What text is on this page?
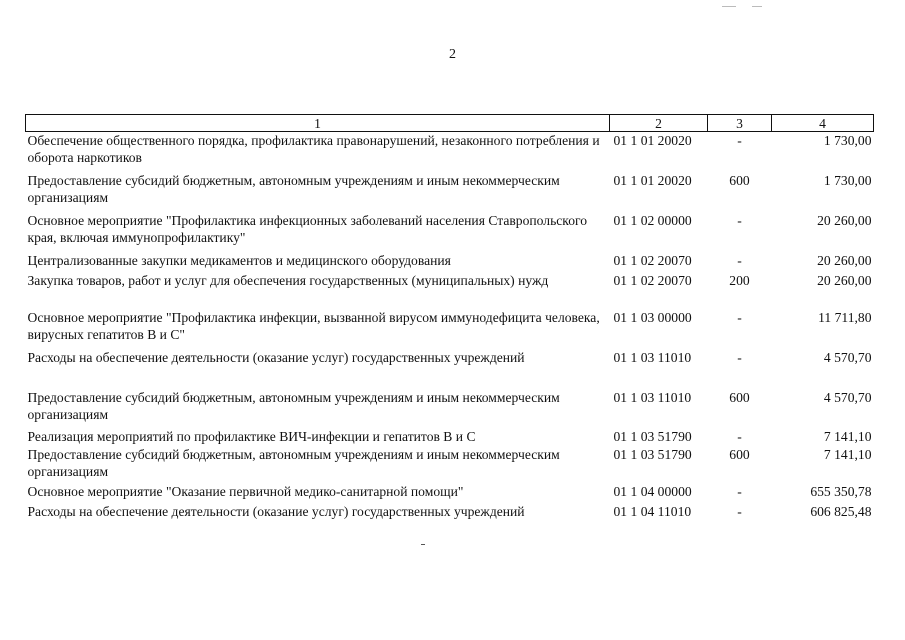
2
1	2	3	4
Обеспечение общественного порядка, профилактика правонарушений, незаконного потребления и оборота наркотиков	01 1 01 20020	-	1 730,00
Предоставление субсидий бюджетным, автономным учреждениям и иным некоммерческим организациям	01 1 01 20020	600	1 730,00
Основное мероприятие "Профилактика инфекционных заболеваний населения Ставропольского края, включая иммунопрофилактику"	01 1 02 00000	-	20 260,00
Централизованные закупки медикаментов и медицинского оборудования	01 1 02 20070	-	20 260,00
Закупка товаров, работ и услуг для обеспечения государственных (муниципальных) нужд	01 1 02 20070	200	20 260,00
Основное мероприятие "Профилактика инфекции, вызванной вирусом иммунодефицита человека, вирусных гепатитов В и С"	01 1 03 00000	-	11 711,80
Расходы на обеспечение деятельности (оказание услуг) государственных учреждений	01 1 03 11010	-	4 570,70
Предоставление субсидий бюджетным, автономным учреждениям и иным некоммерческим организациям	01 1 03 11010	600	4 570,70
Реализация мероприятий по профилактике ВИЧ-инфекции и гепатитов В и С	01 1 03 51790	-	7 141,10
Предоставление субсидий бюджетным, автономным учреждениям и иным некоммерческим организациям	01 1 03 51790	600	7 141,10
Основное мероприятие "Оказание первичной медико-санитарной помощи"	01 1 04 00000	-	655 350,78
Расходы на обеспечение деятельности (оказание услуг) государственных учреждений	01 1 04 11010	-	606 825,48
